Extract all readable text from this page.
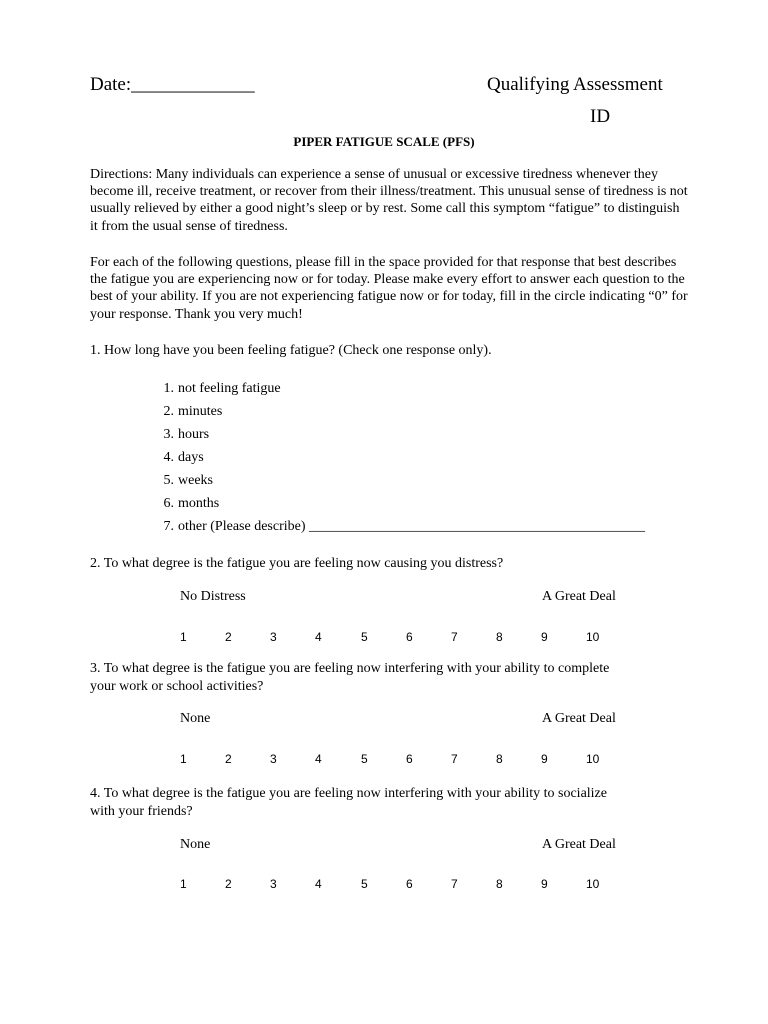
Date:_____________	Qualifying Assessment
ID
PIPER FATIGUE SCALE (PFS)
Directions: Many individuals can experience a sense of unusual or excessive tiredness whenever they become ill, receive treatment, or recover from their illness/treatment. This unusual sense of tiredness is not usually relieved by either a good night’s sleep or by rest. Some call this symptom “fatigue” to distinguish it from the usual sense of tiredness.
For each of the following questions, please fill in the space provided for that response that best describes the fatigue you are experiencing now or for today. Please make every effort to answer each question to the best of your ability. If you are not experiencing fatigue now or for today, fill in the circle indicating “0” for your response. Thank you very much!
1. How long have you been feeling fatigue? (Check one response only).
1. not feeling fatigue
2. minutes
3. hours
4. days
5. weeks
6. months
7. other (Please describe) ________________________________________________
2. To what degree is the fatigue you are feeling now causing you distress?
No Distress	A Great Deal
1	2	3	4	5	6	7	8	9	10
3. To what degree is the fatigue you are feeling now interfering with your ability to complete
your work or school activities?
None	A Great Deal
1	2	3	4	5	6	7	8	9	10
4. To what degree is the fatigue you are feeling now interfering with your ability to socialize
with your friends?
None	A Great Deal
1	2	3	4	5	6	7	8	9	10
